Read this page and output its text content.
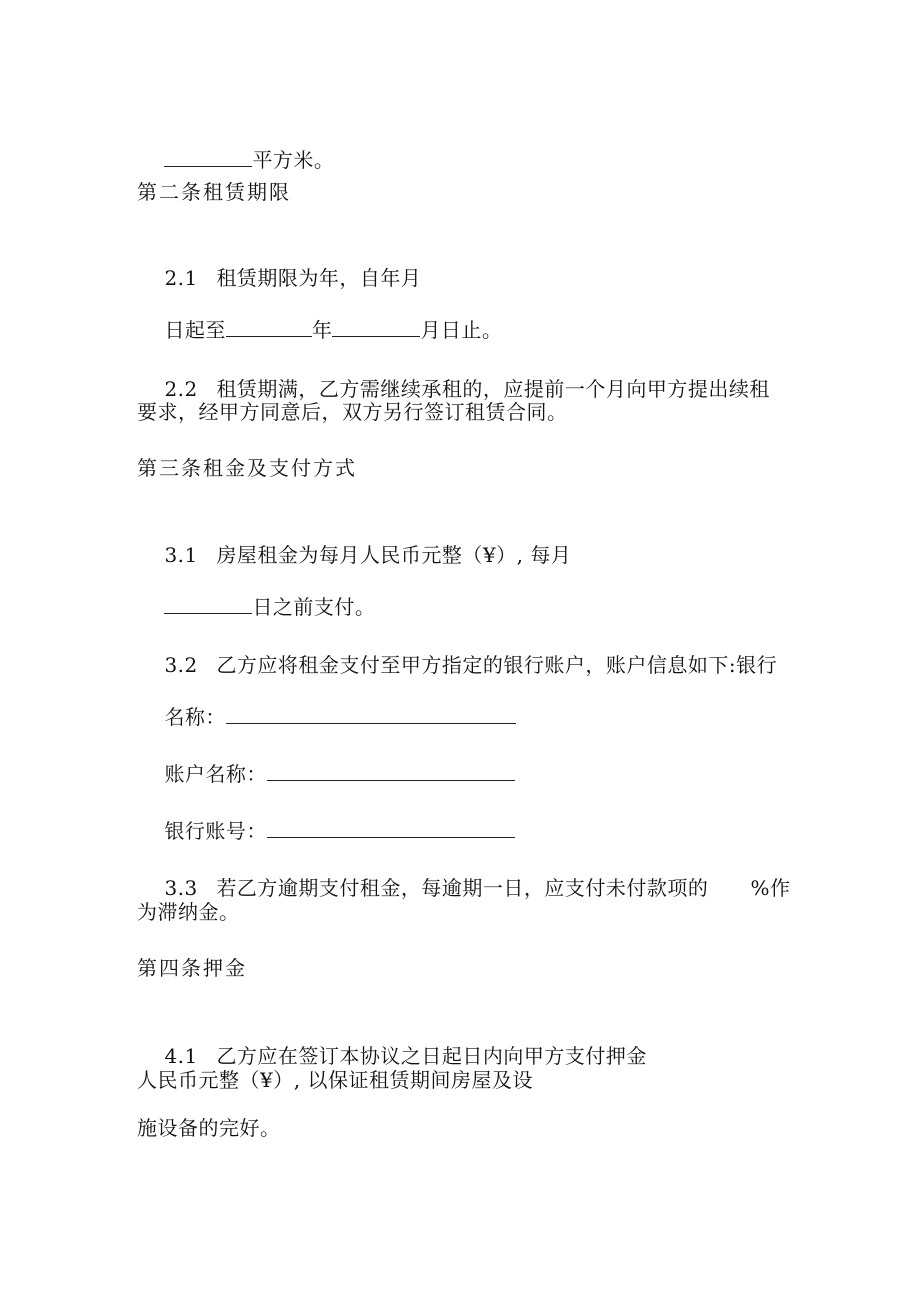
平方米。

第二条租赁期限

2.1 租赁期限为年，自年月

日起至	年	月日止。

2.2 租赁期满，乙方需继续承租的，应提前一个月向甲方提出续租

要求，经甲方同意后，双方另行签订租赁合同。
第三条租金及支付方式

3.1 房屋租金为每月人民币元整（¥）, 每月

日之前支付。

3.2 乙方应将租金支付至甲方指定的银行账户，账户信息如下:银行

名称：

账户名称：

银行账号：

3.3 若乙方逾期支付租金，每逾期一日，应支付未付款项的 %作

为滞纳金。
第四条押金

4.1 乙方应在签订本协议之日起日内向甲方支付押金

人民币元整（¥）, 以保证租赁期间房屋及设
施设备的完好。
